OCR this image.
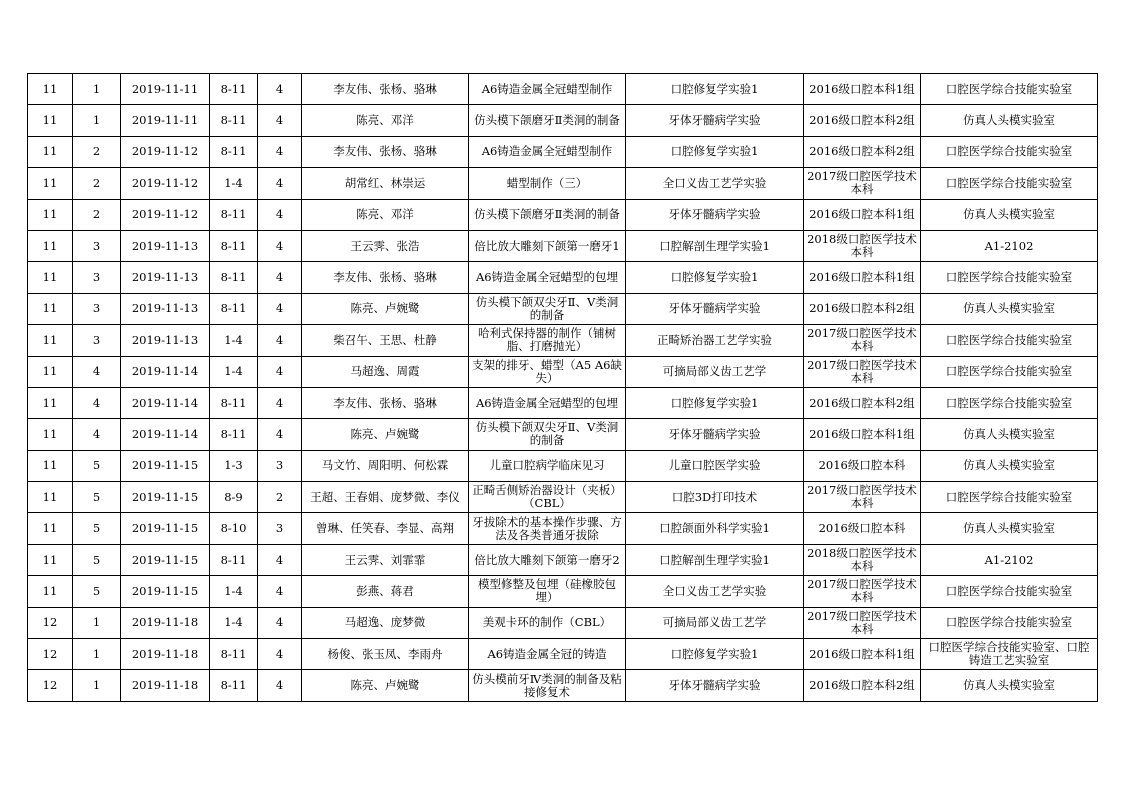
11	1	2019-11-11	8-11	4	李友伟、张杨、骆琳	A6铸造金属全冠蜡型制作	口腔修复学实验1	2016级口腔本科1组	口腔医学综合技能实验室
11	1	2019-11-11	8-11	4	陈亮、邓洋	仿头模下颌磨牙Ⅱ类洞的制备	牙体牙髓病学实验	2016级口腔本科2组	仿真人头模实验室
11	2	2019-11-12	8-11	4	李友伟、张杨、骆琳	A6铸造金属全冠蜡型制作	口腔修复学实验1	2016级口腔本科2组	口腔医学综合技能实验室
11	2	2019-11-12	1-4	4	胡常红、林崇运	蜡型制作（三）	全口义齿工艺学实验	2017级口腔医学技术本科	口腔医学综合技能实验室
11	2	2019-11-12	8-11	4	陈亮、邓洋	仿头模下颌磨牙Ⅱ类洞的制备	牙体牙髓病学实验	2016级口腔本科1组	仿真人头模实验室
11	3	2019-11-13	8-11	4	王云霁、张浩	倍比放大雕刻下颌第一磨牙1	口腔解剖生理学实验1	2018级口腔医学技术本科	A1-2102
11	3	2019-11-13	8-11	4	李友伟、张杨、骆琳	A6铸造金属全冠蜡型的包埋	口腔修复学实验1	2016级口腔本科1组	口腔医学综合技能实验室
11	3	2019-11-13	8-11	4	陈亮、卢婉鹭	仿头模下颌双尖牙Ⅱ、Ⅴ类洞的制备	牙体牙髓病学实验	2016级口腔本科2组	仿真人头模实验室
11	3	2019-11-13	1-4	4	柴召午、王思、杜静	哈利式保持器的制作（铺树脂、打磨抛光）	正畸矫治器工艺学实验	2017级口腔医学技术本科	口腔医学综合技能实验室
11	4	2019-11-14	1-4	4	马超逸、周霞	支架的排牙、蜡型（A5 A6缺失）	可摘局部义齿工艺学	2017级口腔医学技术本科	口腔医学综合技能实验室
11	4	2019-11-14	8-11	4	李友伟、张杨、骆琳	A6铸造金属全冠蜡型的包埋	口腔修复学实验1	2016级口腔本科2组	口腔医学综合技能实验室
11	4	2019-11-14	8-11	4	陈亮、卢婉鹭	仿头模下颌双尖牙Ⅱ、Ⅴ类洞的制备	牙体牙髓病学实验	2016级口腔本科1组	仿真人头模实验室
11	5	2019-11-15	1-3	3	马文竹、周阳明、何松霖	儿童口腔病学临床见习	儿童口腔医学实验	2016级口腔本科	仿真人头模实验室
11	5	2019-11-15	8-9	2	王超、王春娟、庞梦微、李仪	正畸舌侧矫治器设计（夹板）（CBL）	口腔3D打印技术	2017级口腔医学技术本科	口腔医学综合技能实验室
11	5	2019-11-15	8-10	3	曾琳、任笑春、李显、高翔	牙拔除术的基本操作步骤、方法及各类普通牙拔除	口腔颌面外科学实验1	2016级口腔本科	仿真人头模实验室
11	5	2019-11-15	8-11	4	王云霁、刘霏霏	倍比放大雕刻下颌第一磨牙2	口腔解剖生理学实验1	2018级口腔医学技术本科	A1-2102
11	5	2019-11-15	1-4	4	彭燕、蒋君	模型修整及包埋（硅橡胶包埋）	全口义齿工艺学实验	2017级口腔医学技术本科	口腔医学综合技能实验室
12	1	2019-11-18	1-4	4	马超逸、庞梦微	美观卡环的制作（CBL）	可摘局部义齿工艺学	2017级口腔医学技术本科	口腔医学综合技能实验室
12	1	2019-11-18	8-11	4	杨俊、张玉凤、李雨舟	A6铸造金属全冠的铸造	口腔修复学实验1	2016级口腔本科1组	口腔医学综合技能实验室、口腔铸造工艺实验室
12	1	2019-11-18	8-11	4	陈亮、卢婉鹭	仿头模前牙Ⅳ类洞的制备及粘接修复术	牙体牙髓病学实验	2016级口腔本科2组	仿真人头模实验室
